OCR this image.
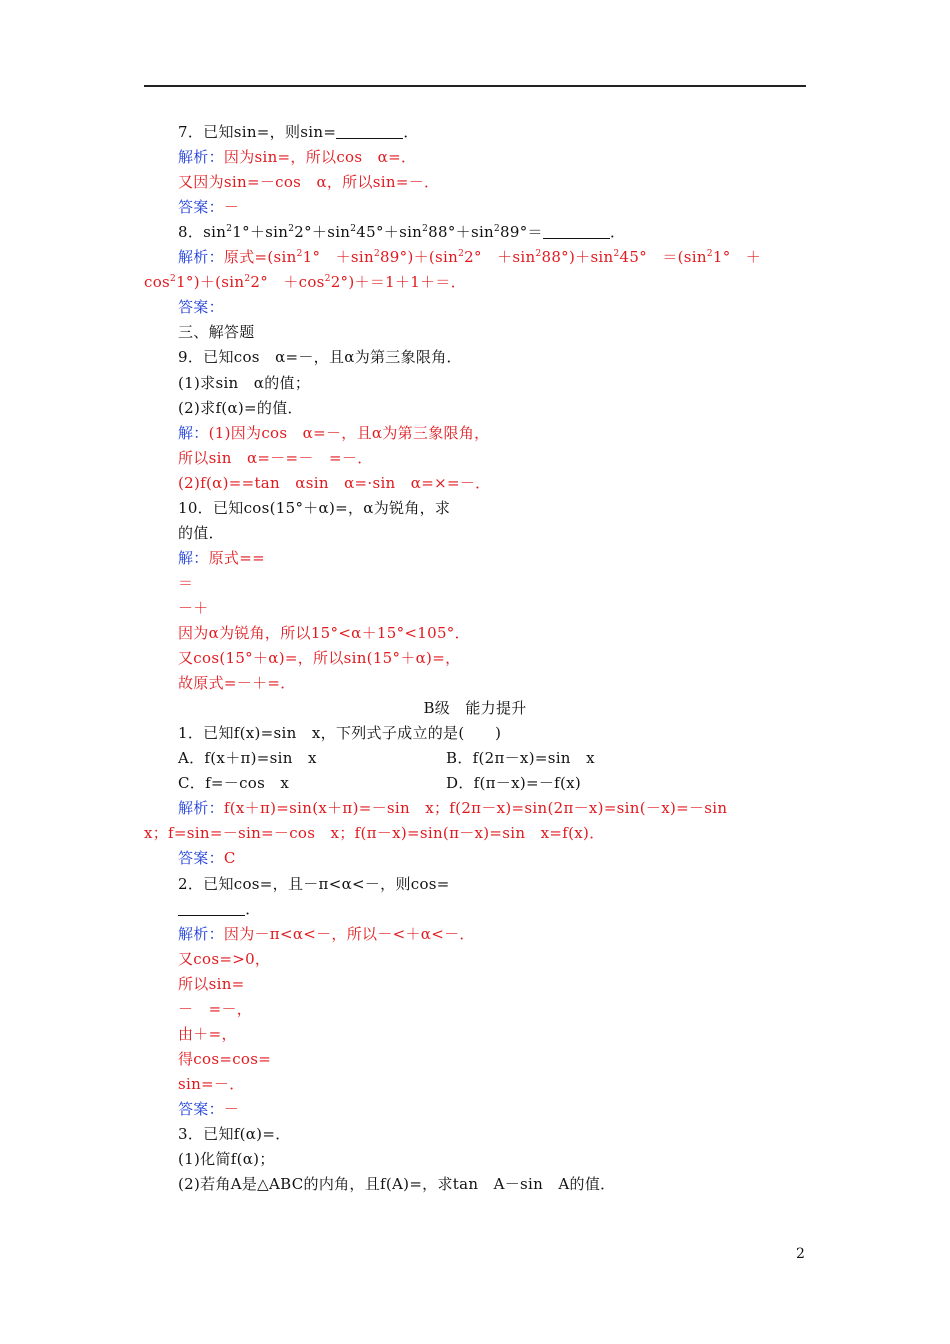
7．已知sin=，则sin=	．
解析：因为sin=，所以cos　α=．
又因为sin=－cos　α，所以sin=－．
答案：－
8．$\sin^21^\circ+\sin^22^\circ+\sin^245^\circ+\sin^288^\circ+\sin^289^\circ=$	．
解析：原式$=(\sin^21^\circ$　$+\sin^289^\circ)+(\sin^22^\circ$　$+\sin^288^\circ)+\sin^245^\circ$　$=(\sin^21^\circ$　＋
$\cos^21^\circ)+(\sin^22^\circ$　$+\cos^22^\circ)+=1+1+=$．
答案：
三、解答题
9．已知cos　α=－，且α为第三象限角．
(1)求sin　α的值；
(2)求f(α)=的值．
解：(1)因为cos　α=－，且α为第三象限角，
所以sin　α=－=－　=－．
(2)f(α)==tan　αsin　α=·sin　α=×=－．
10．已知cos(15°＋α)=，α为锐角，求
的值．
解：原式==
＝
－＋
因为α为锐角，所以15°<α＋15°<105°．
又cos(15°＋α)=，所以sin(15°＋α)=，
故原式=－＋=．
B级　能力提升
1．已知f(x)=sin　x，下列式子成立的是(　　)
A．f(x＋π)=sin　x	B．f(2π－x)=sin　x
C．f=－cos　x	D．f(π－x)=－f(x)
解析：f(x＋π)=sin(x＋π)=－sin　x；f(2π－x)=sin(2π－x)=sin(－x)=－sin
x；f=sin=－sin=－cos　x；f(π－x)=sin(π－x)=sin　x=f(x)．
答案：C
2．已知cos=，且－π<α<－，则cos=
．
解析：因为－π<α<－，所以－<＋α<－．
又cos=>0，
所以sin=
－　=－，
由＋=，
得cos=cos=
sin=－．
答案：－
3．已知f(α)=．
(1)化简f(α)；
(2)若角A是△ABC的内角，且f(A)=，求tan　A－sin　A的值．
2
